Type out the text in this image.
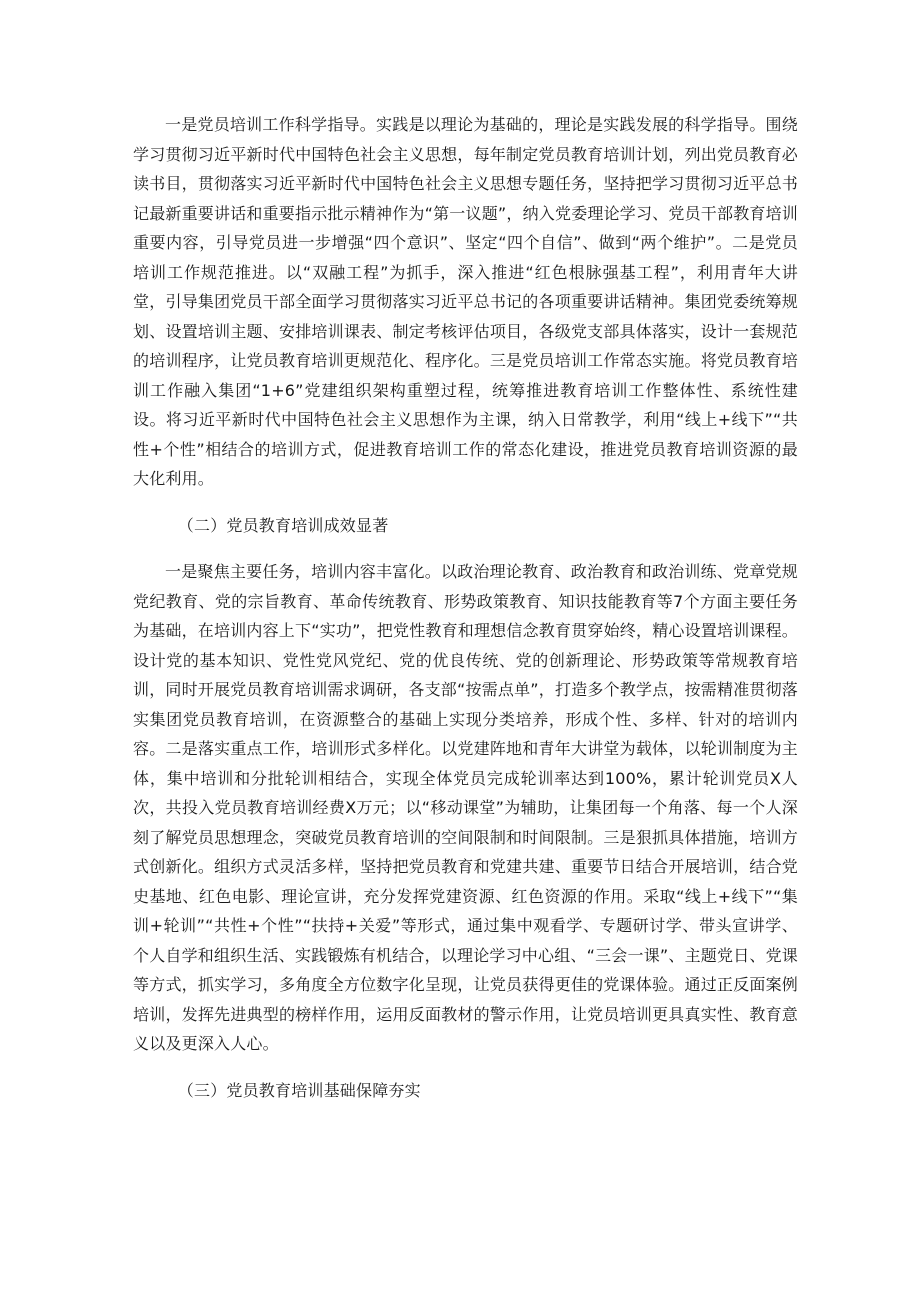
一是党员培训工作科学指导。实践是以理论为基础的，理论是实践发展的科学指导。围绕学习贯彻习近平新时代中国特色社会主义思想，每年制定党员教育培训计划，列出党员教育必读书目，贯彻落实习近平新时代中国特色社会主义思想专题任务，坚持把学习贯彻习近平总书记最新重要讲话和重要指示批示精神作为“第一议题”，纳入党委理论学习、党员干部教育培训重要内容，引导党员进一步增强“四个意识”、坚定“四个自信”、做到“两个维护”。二是党员培训工作规范推进。以“双融工程”为抓手，深入推进“红色根脉强基工程”，利用青年大讲堂，引导集团党员干部全面学习贯彻落实习近平总书记的各项重要讲话精神。集团党委统筹规划、设置培训主题、安排培训课表、制定考核评估项目，各级党支部具体落实，设计一套规范的培训程序，让党员教育培训更规范化、程序化。三是党员培训工作常态实施。将党员教育培训工作融入集团“1+6”党建组织架构重塑过程，统筹推进教育培训工作整体性、系统性建设。将习近平新时代中国特色社会主义思想作为主课，纳入日常教学，利用“线上+线下”“共性+个性”相结合的培训方式，促进教育培训工作的常态化建设，推进党员教育培训资源的最大化利用。

（二）党员教育培训成效显著

一是聚焦主要任务，培训内容丰富化。以政治理论教育、政治教育和政治训练、党章党规党纪教育、党的宗旨教育、革命传统教育、形势政策教育、知识技能教育等7个方面主要任务为基础，在培训内容上下“实功”，把党性教育和理想信念教育贯穿始终，精心设置培训课程。设计党的基本知识、党性党风党纪、党的优良传统、党的创新理论、形势政策等常规教育培训，同时开展党员教育培训需求调研，各支部“按需点单”，打造多个教学点，按需精准贯彻落实集团党员教育培训，在资源整合的基础上实现分类培养，形成个性、多样、针对的培训内容。二是落实重点工作，培训形式多样化。以党建阵地和青年大讲堂为载体，以轮训制度为主体，集中培训和分批轮训相结合，实现全体党员完成轮训率达到100%，累计轮训党员X人次，共投入党员教育培训经费X万元；以“移动课堂”为辅助，让集团每一个角落、每一个人深刻了解党员思想理念，突破党员教育培训的空间限制和时间限制。三是狠抓具体措施，培训方式创新化。组织方式灵活多样，坚持把党员教育和党建共建、重要节日结合开展培训，结合党史基地、红色电影、理论宣讲，充分发挥党建资源、红色资源的作用。采取“线上+线下”“集训+轮训”“共性+个性”“扶持+关爱”等形式，通过集中观看学、专题研讨学、带头宣讲学、个人自学和组织生活、实践锻炼有机结合，以理论学习中心组、“三会一课”、主题党日、党课等方式，抓实学习，多角度全方位数字化呈现，让党员获得更佳的党课体验。通过正反面案例培训，发挥先进典型的榜样作用，运用反面教材的警示作用，让党员培训更具真实性、教育意义以及更深入人心。

（三）党员教育培训基础保障夯实
